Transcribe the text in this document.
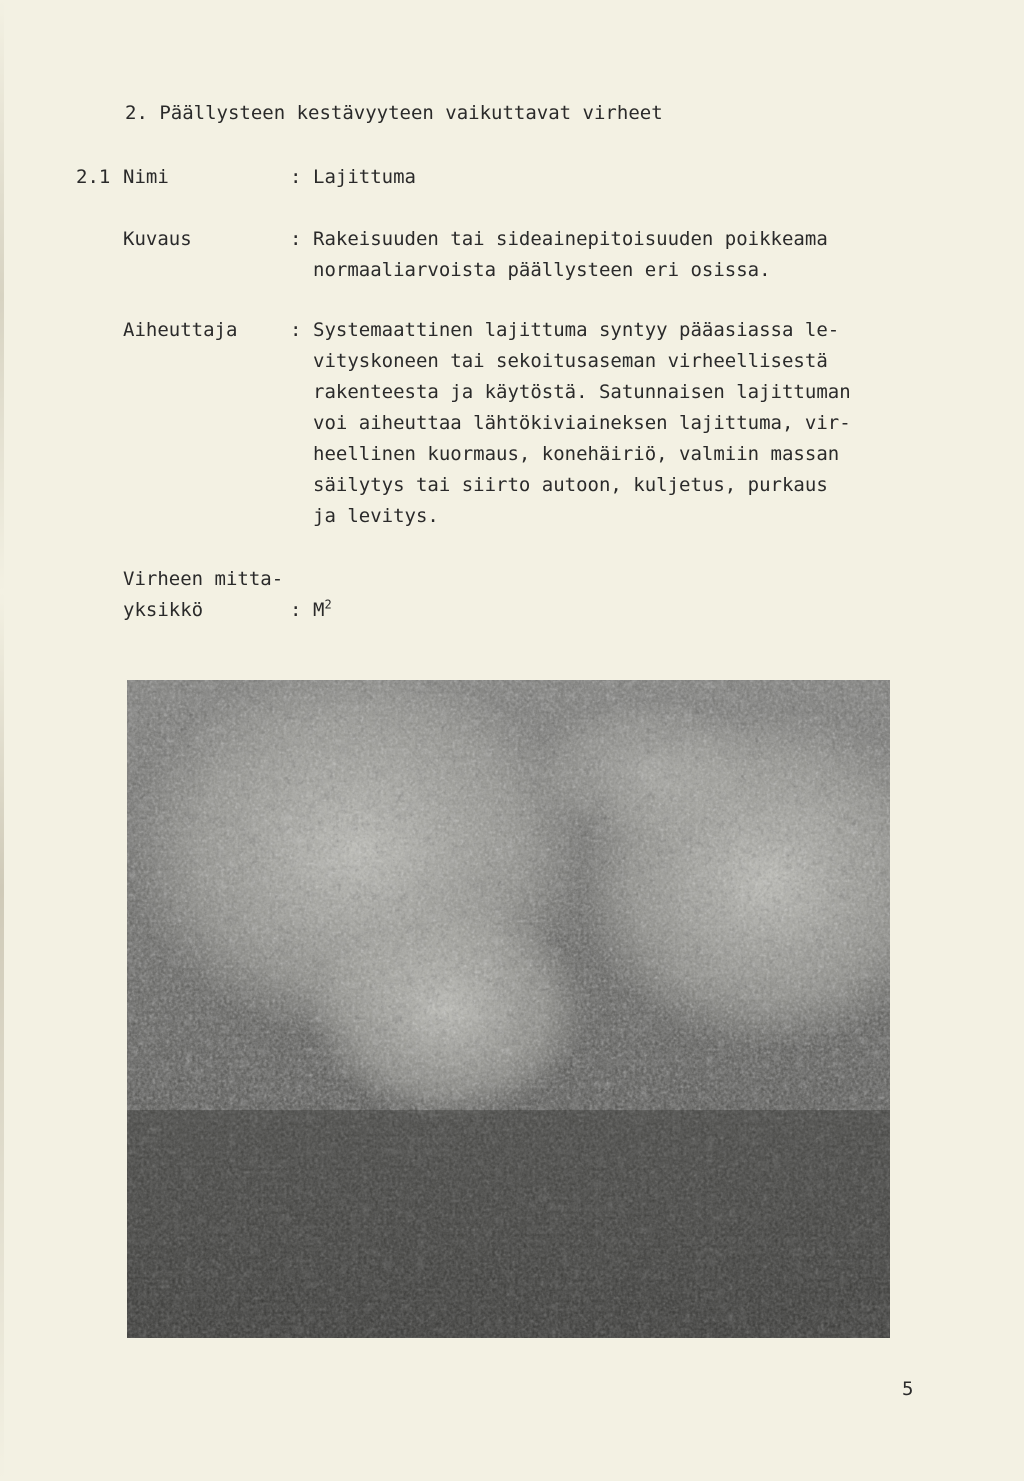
2. Päällysteen kestävyyteen vaikuttavat virheet
2.1 Nimi	: Lajittuma
Kuvaus	: Rakeisuuden tai sideainepitoisuuden poikkeama
normaaliarvoista päällysteen eri osissa.
Aiheuttaja	: Systemaattinen lajittuma syntyy pääasiassa le-
vityskoneen tai sekoitusaseman virheellisestä
rakenteesta ja käytöstä. Satunnaisen lajittuman
voi aiheuttaa lähtökiviaineksen lajittuma, vir-
heellinen kuormaus, konehäiriö, valmiin massan
säilytys tai siirto autoon, kuljetus, purkaus
ja levitys.
Virheen mitta-
yksikkö	: $M^2$
5
